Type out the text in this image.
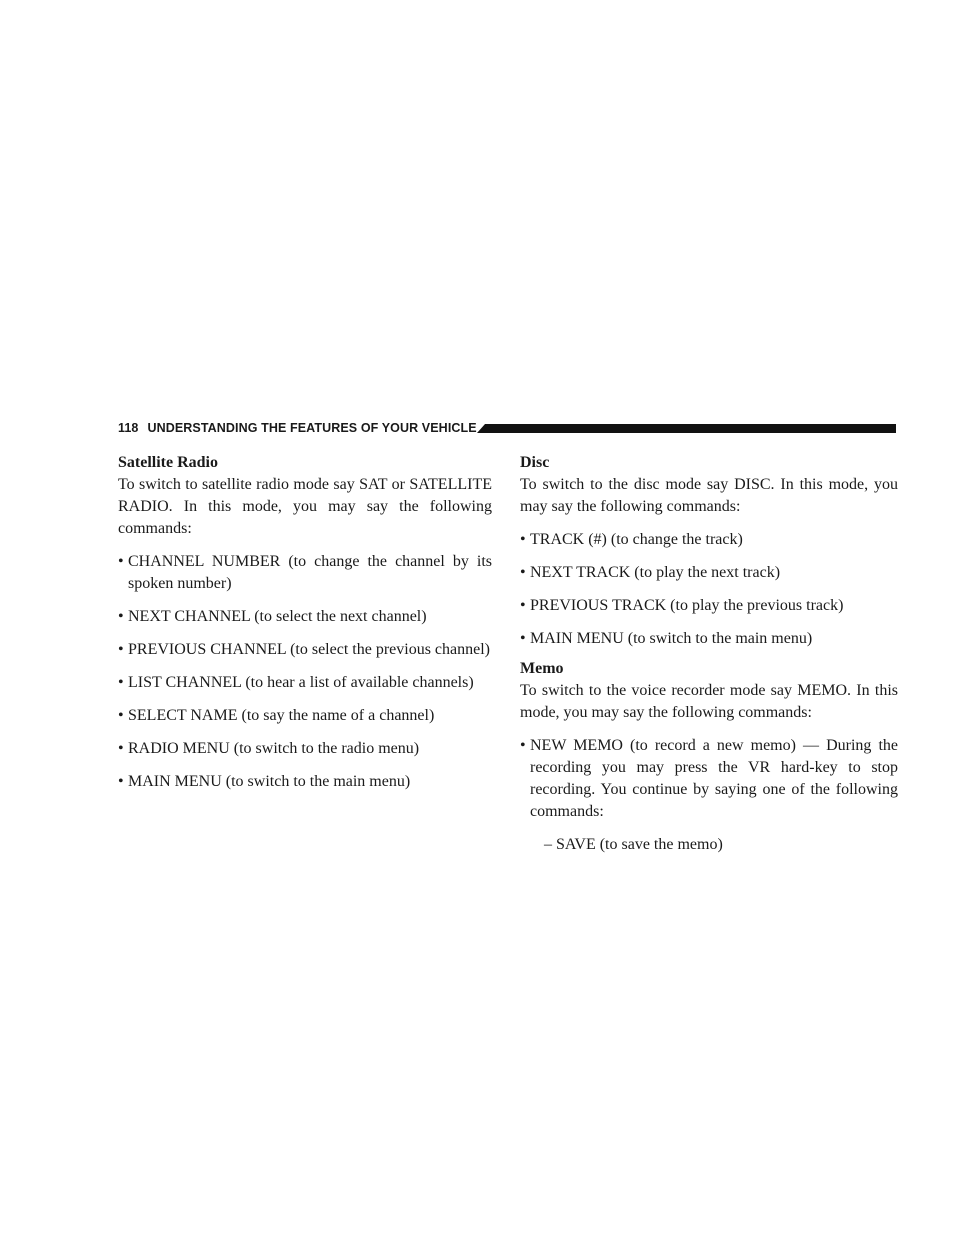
118 UNDERSTANDING THE FEATURES OF YOUR VEHICLE

Satellite Radio

To switch to satellite radio mode say SAT or SATELLITE RADIO. In this mode, you may say the following commands:

• CHANNEL NUMBER (to change the channel by its spoken number)
• NEXT CHANNEL (to select the next channel)
• PREVIOUS CHANNEL (to select the previous channel)
• LIST CHANNEL (to hear a list of available channels)
• SELECT NAME (to say the name of a channel)
• RADIO MENU (to switch to the radio menu)
• MAIN MENU (to switch to the main menu)

Disc

To switch to the disc mode say DISC. In this mode, you may say the following commands:

• TRACK (#) (to change the track)
• NEXT TRACK (to play the next track)
• PREVIOUS TRACK (to play the previous track)
• MAIN MENU (to switch to the main menu)

Memo

To switch to the voice recorder mode say MEMO. In this mode, you may say the following commands:

• NEW MEMO (to record a new memo) — During the recording you may press the VR hard-key to stop recording. You continue by saying one of the following commands:

– SAVE (to save the memo)
